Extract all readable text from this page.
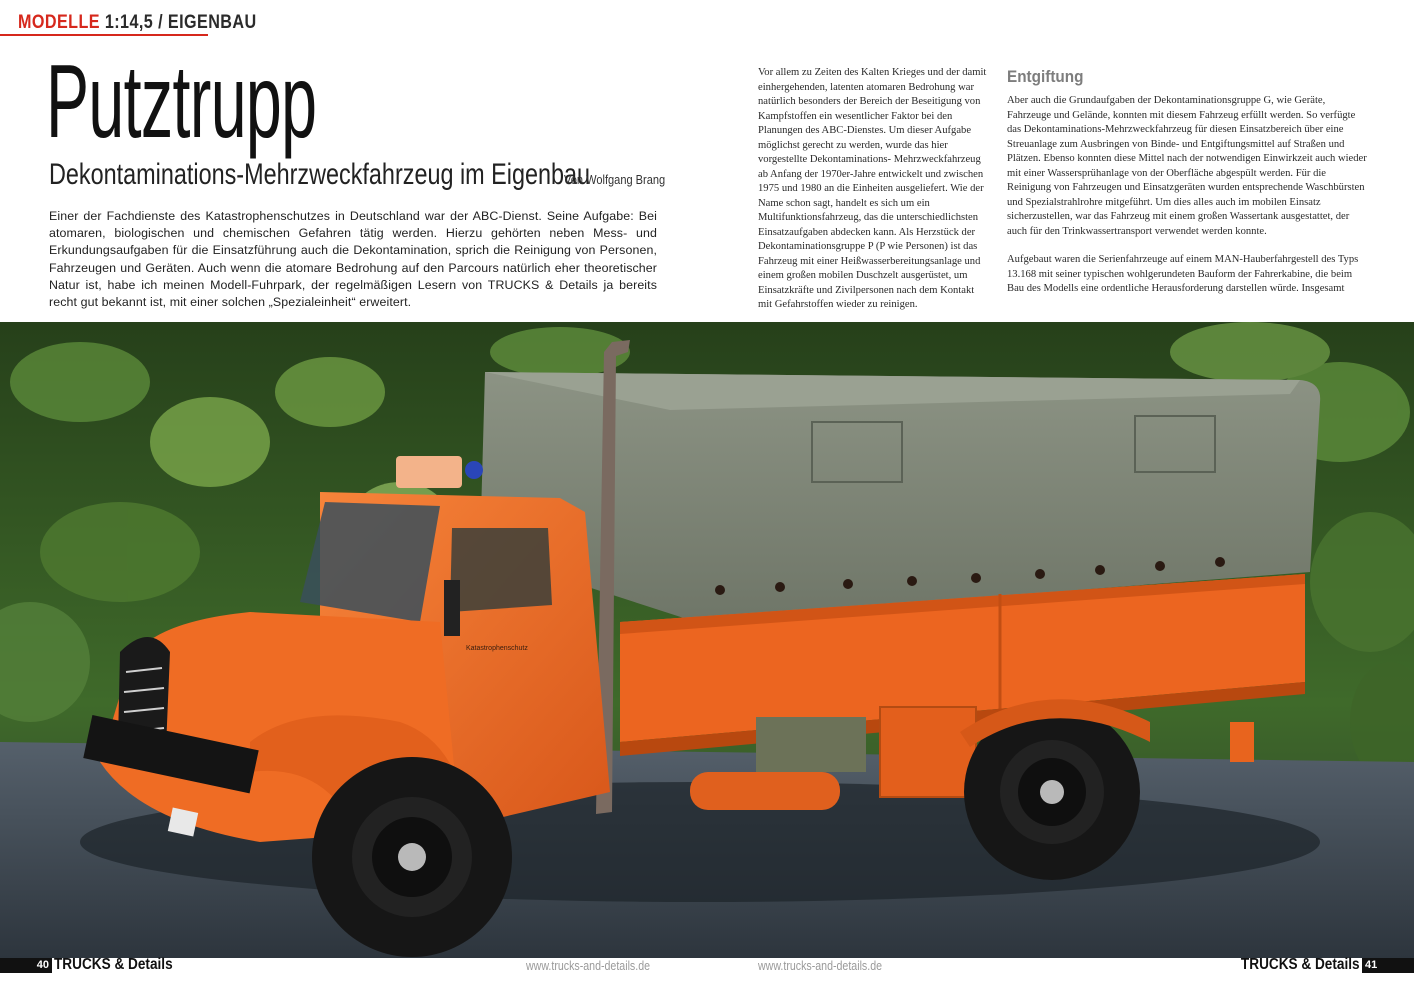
MODELLE 1:14,5 / EIGENBAU
Putztrupp
Dekontaminations-Mehrzweckfahrzeug im Eigenbau
Von Wolfgang Brang

Einer der Fachdienste des Katastrophenschutzes in Deutschland war der ABC-Dienst. Seine Aufgabe: Bei atomaren, biologischen und chemischen Gefahren tätig werden. Hierzu gehörten neben Mess- und Erkundungsaufgaben für die Einsatzführung auch die Dekontamination, sprich die Reinigung von Personen, Fahrzeugen und Geräten. Auch wenn die atomare Bedrohung auf den Parcours natürlich eher theoretischer Natur ist, habe ich meinen Modell-Fuhrpark, der regelmäßigen Lesern von TRUCKS & Details ja bereits recht gut bekannt ist, mit einer solchen „Spezialeinheit“ erweitert.

Vor allem zu Zeiten des Kalten Krieges und der damit einhergehenden, latenten atomaren Bedrohung war natürlich besonders der Bereich der Beseitigung von Kampfstoffen ein wesentlicher Faktor bei den Planungen des ABC-Dienstes. Um dieser Aufgabe möglichst gerecht zu werden, wurde das hier vorgestellte Dekontaminations- Mehrzweckfahrzeug ab Anfang der 1970er-Jahre entwickelt und zwischen 1975 und 1980 an die Einheiten ausgeliefert. Wie der Name schon sagt, handelt es sich um ein Multifunktionsfahrzeug, das die unterschiedlichsten Einsatzaufgaben abdecken kann. Als Herzstück der Dekontaminationsgruppe P (P wie Personen) ist das Fahrzeug mit einer Heißwasserbereitungsanlage und einem großen mobilen Duschzelt ausgerüstet, um Einsatzkräfte und Zivilpersonen nach dem Kontakt mit Gefahrstoffen wieder zu reinigen.

Entgiftung

Aber auch die Grundaufgaben der Dekontaminationsgruppe G, wie Geräte, Fahrzeuge und Gelände, konnten mit diesem Fahrzeug erfüllt werden. So verfügte das Dekontaminations-Mehrzweckfahrzeug für diesen Einsatzbereich über eine Streuanlage zum Ausbringen von Binde- und Entgiftungsmittel auf Straßen und Plätzen. Ebenso konnten diese Mittel nach der notwendigen Einwirkzeit auch wieder mit einer Wassersprühanlage von der Oberfläche abgespült werden. Für die Reinigung von Fahrzeugen und Einsatzgeräten wurden entsprechende Waschbürsten und Spezialstrahlrohre mitgeführt. Um dies alles auch im mobilen Einsatz sicherzustellen, war das Fahrzeug mit einem großen Wassertank ausgestattet, der auch für den Trinkwassertransport verwendet werden konnte.

Aufgebaut waren die Serienfahrzeuge auf einem MAN-Hauberfahrgestell des Typs 13.168 mit seiner typischen wohlgerundeten Bauform der Fahrerkabine, die beim Bau des Modells eine ordentliche Herausforderung darstellen würde. Insgesamt

Katastrophenschutz
40 TRUCKS & Details	www.trucks-and-details.de	www.trucks-and-details.de	TRUCKS & Details 41
